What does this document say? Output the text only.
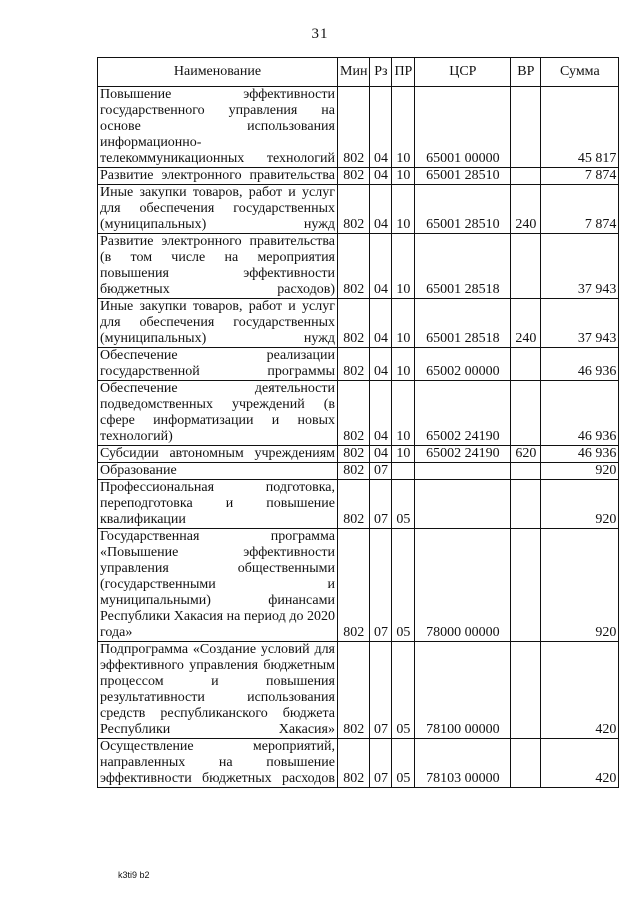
31
Наименование	Мин	Рз	ПР	ЦСР	ВР	Сумма
Повышение эффективности государственного управления на основе использования информационно-телекоммуникационных технологий	802	04	10	65001 00000		45 817
Развитие электронного правительства	802	04	10	65001 28510		7 874
Иные закупки товаров, работ и услуг для обеспечения государственных (муниципальных) нужд	802	04	10	65001 28510	240	7 874
Развитие электронного правительства (в том числе на мероприятия повышения эффективности бюджетных расходов)	802	04	10	65001 28518		37 943
Иные закупки товаров, работ и услуг для обеспечения государственных (муниципальных) нужд	802	04	10	65001 28518	240	37 943
Обеспечение реализации государственной программы	802	04	10	65002 00000		46 936
Обеспечение деятельности подведомственных учреждений (в сфере информатизации и новых технологий)	802	04	10	65002 24190		46 936
Субсидии автономным учреждениям	802	04	10	65002 24190	620	46 936
Образование	802	07				920
Профессиональная подготовка, переподготовка и повышение квалификации	802	07	05			920
Государственная программа «Повышение эффективности управления общественными (государственными и муниципальными) финансами Республики Хакасия на период до 2020 года»	802	07	05	78000 00000		920
Подпрограмма «Создание условий для эффективного управления бюджетным процессом и повышения результативности использования средств республиканского бюджета Республики Хакасия»	802	07	05	78100 00000		420
Осуществление мероприятий, направленных на повышение эффективности бюджетных расходов	802	07	05	78103 00000		420
k3ti9 b2
